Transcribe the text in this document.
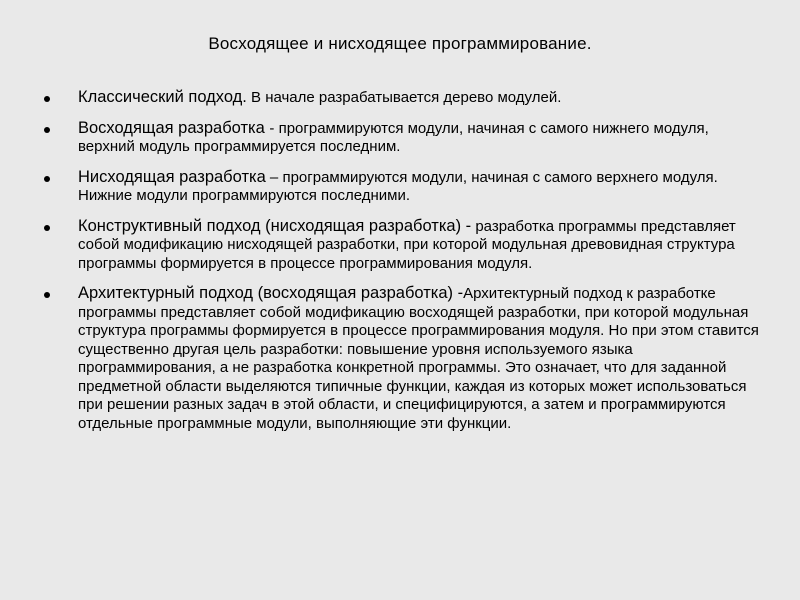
Восходящее и нисходящее программирование.
Классический подход. В начале разрабатывается дерево модулей.
Восходящая разработка - программируются модули, начиная с самого нижнего модуля, верхний модуль программируется последним.
Нисходящая разработка – программируются модули, начиная с самого верхнего модуля. Нижние модули программируются последними.
Конструктивный подход (нисходящая разработка) - разработка программы представляет собой модификацию нисходящей разработки, при которой модульная древовидная структура программы формируется в процессе программирования модуля.
Архитектурный подход (восходящая разработка) -Архитектурный подход к разработке программы представляет собой модификацию восходящей разработки, при которой модульная структура программы формируется в процессе программирования модуля. Но при этом ставится существенно другая цель разработки: повышение уровня используемого языка программирования, а не разработка конкретной программы. Это означает, что для заданной предметной области выделяются типичные функции, каждая из которых может использоваться при решении разных задач в этой области, и специфицируются, а затем и программируются отдельные программные модули, выполняющие эти функции.
